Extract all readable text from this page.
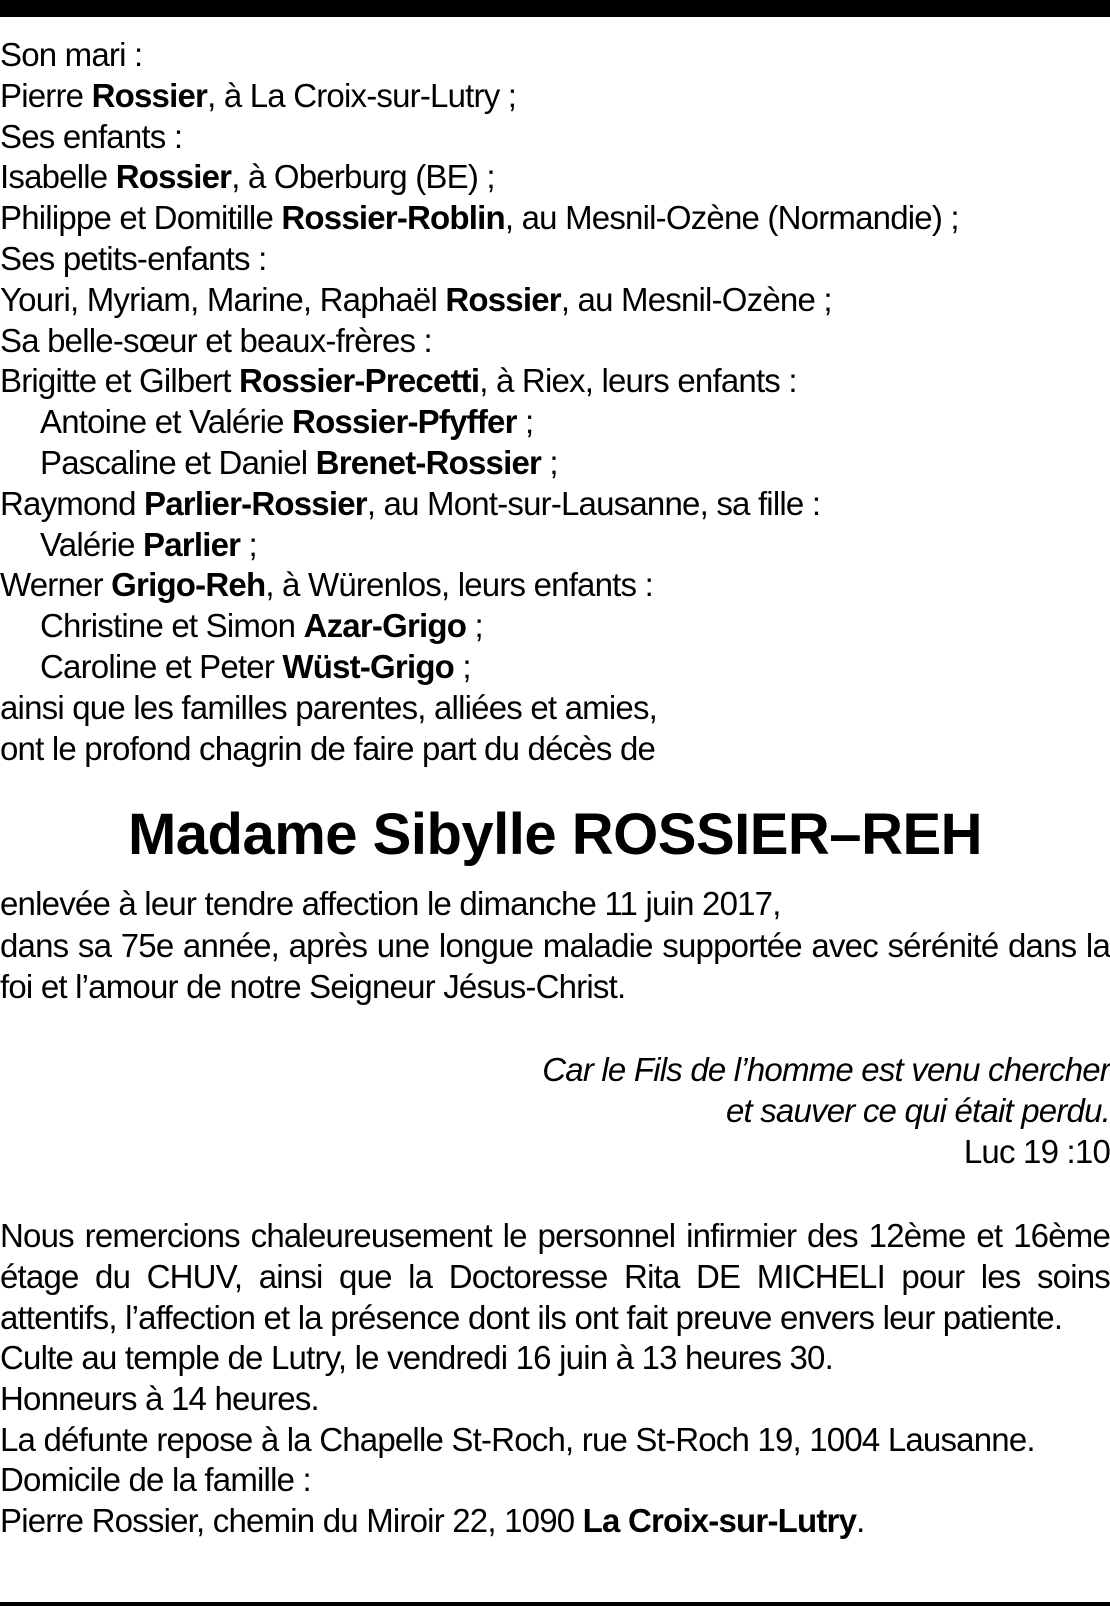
Son mari :
Pierre Rossier, à La Croix-sur-Lutry ;
Ses enfants :
Isabelle Rossier, à Oberburg (BE) ;
Philippe et Domitille Rossier-Roblin, au Mesnil-Ozène (Normandie) ;
Ses petits-enfants :
Youri, Myriam, Marine, Raphaël Rossier, au Mesnil-Ozène ;
Sa belle-sœur et beaux-frères :
Brigitte et Gilbert Rossier-Precetti, à Riex, leurs enfants :
Antoine et Valérie Rossier-Pfyffer ;
Pascaline et Daniel Brenet-Rossier ;
Raymond Parlier-Rossier, au Mont-sur-Lausanne, sa fille :
Valérie Parlier ;
Werner Grigo-Reh, à Würenlos, leurs enfants :
Christine et Simon Azar-Grigo ;
Caroline et Peter Wüst-Grigo ;
ainsi que les familles parentes, alliées et amies,
ont le profond chagrin de faire part du décès de
Madame Sibylle ROSSIER–REH
enlevée à leur tendre affection le dimanche 11 juin 2017,
dans sa 75e année, après une longue maladie supportée avec sérénité dans la foi et l’amour de notre Seigneur Jésus-Christ.
Car le Fils de l’homme est venu chercher
et sauver ce qui était perdu.
Luc 19 :10
Nous remercions chaleureusement le personnel infirmier des 12ème et 16ème étage du CHUV, ainsi que la Doctoresse Rita DE MICHELI pour les soins attentifs, l’affection et la présence dont ils ont fait preuve envers leur patiente.
Culte au temple de Lutry, le vendredi 16 juin à 13 heures 30.
Honneurs à 14 heures.
La défunte repose à la Chapelle St-Roch, rue St-Roch 19, 1004 Lausanne.
Domicile de la famille :
Pierre Rossier, chemin du Miroir 22, 1090 La Croix-sur-Lutry.
